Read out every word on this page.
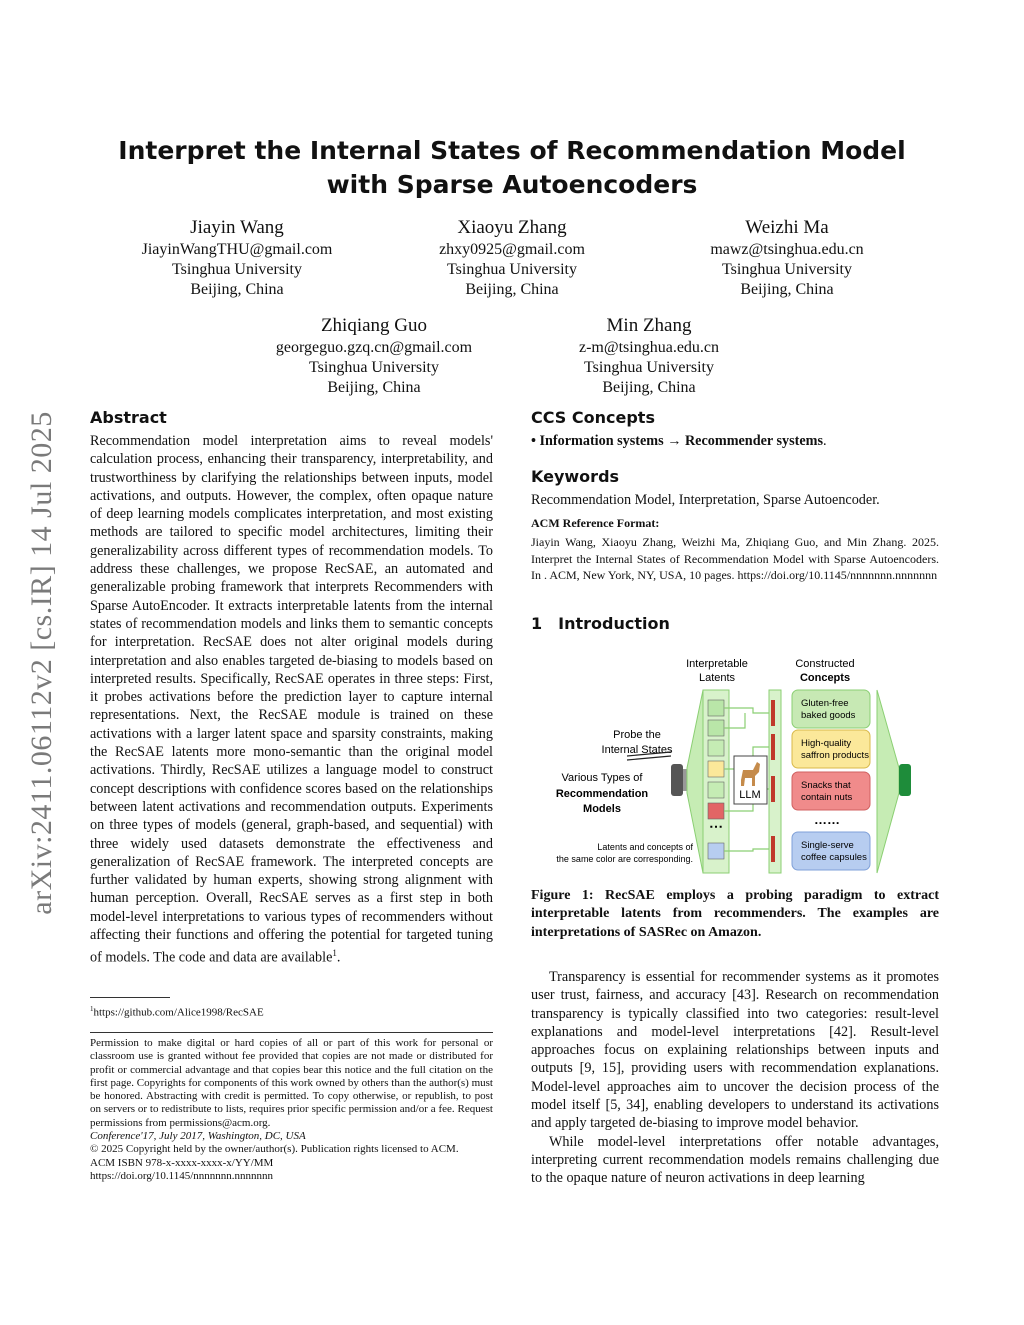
arXiv:2411.06112v2 [cs.IR] 14 Jul 2025
Interpret the Internal States of Recommendation Model with Sparse Autoencoders
Jiayin Wang
JiayinWangTHU@gmail.com
Tsinghua University
Beijing, China
Xiaoyu Zhang
zhxy0925@gmail.com
Tsinghua University
Beijing, China
Weizhi Ma
mawz@tsinghua.edu.cn
Tsinghua University
Beijing, China
Zhiqiang Guo
georgeguo.gzq.cn@gmail.com
Tsinghua University
Beijing, China
Min Zhang
z-m@tsinghua.edu.cn
Tsinghua University
Beijing, China
Abstract
Recommendation model interpretation aims to reveal models' calculation process, enhancing their transparency, interpretability, and trustworthiness by clarifying the relationships between inputs, model activations, and outputs. However, the complex, often opaque nature of deep learning models complicates interpretation, and most existing methods are tailored to specific model architectures, limiting their generalizability across different types of recommendation models. To address these challenges, we propose RecSAE, an automated and generalizable probing framework that interprets Recommenders with Sparse AutoEncoder. It extracts interpretable latents from the internal states of recommendation models and links them to semantic concepts for interpretation. RecSAE does not alter original models during interpretation and also enables targeted de-biasing to models based on interpreted results. Specifically, RecSAE operates in three steps: First, it probes activations before the prediction layer to capture internal representations. Next, the RecSAE module is trained on these activations with a larger latent space and sparsity constraints, making the RecSAE latents more mono-semantic than the original model activations. Thirdly, RecSAE utilizes a language model to construct concept descriptions with confidence scores based on the relationships between latent activations and recommendation outputs. Experiments on three types of models (general, graph-based, and sequential) with three widely used datasets demonstrate the effectiveness and generalization of RecSAE framework. The interpreted concepts are further validated by human experts, showing strong alignment with human perception. Overall, RecSAE serves as a first step in both model-level interpretations to various types of recommenders without affecting their functions and offering the potential for targeted tuning of models. The code and data are available$^1$.
$^1$https://github.com/Alice1998/RecSAE
Permission to make digital or hard copies of all or part of this work for personal or classroom use is granted without fee provided that copies are not made or distributed for profit or commercial advantage and that copies bear this notice and the full citation on the first page. Copyrights for components of this work owned by others than the author(s) must be honored. Abstracting with credit is permitted. To copy otherwise, or republish, to post on servers or to redistribute to lists, requires prior specific permission and/or a fee. Request permissions from permissions@acm.org.
Conference'17, July 2017, Washington, DC, USA
© 2025 Copyright held by the owner/author(s). Publication rights licensed to ACM.
ACM ISBN 978-x-xxxx-xxxx-x/YY/MM
https://doi.org/10.1145/nnnnnnn.nnnnnnn
CCS Concepts
• Information systems → Recommender systems.
Keywords
Recommendation Model, Interpretation, Sparse Autoencoder.
ACM Reference Format:
Jiayin Wang, Xiaoyu Zhang, Weizhi Ma, Zhiqiang Guo, and Min Zhang. 2025. Interpret the Internal States of Recommendation Model with Sparse Autoencoders. In . ACM, New York, NY, USA, 10 pages. https://doi.org/10.1145/nnnnnnn.nnnnnnn
1 Introduction
Interpretable
Latents
Constructed
Concepts
Probe the
Internal States
Various Types of
Recommendation
Models
Latents and concepts of
the same color are corresponding.
⋯
LLM
Gluten-free
baked goods
High-quality
saffron products
Snacks that
contain nuts
……
Single-serve
coffee capsules
Figure 1: RecSAE employs a probing paradigm to extract interpretable latents from recommenders. The examples are interpretations of SASRec on Amazon.
Transparency is essential for recommender systems as it promotes user trust, fairness, and accuracy [43]. Research on recommendation transparency is typically classified into two categories: result-level explanations and model-level interpretations [42]. Result-level approaches focus on explaining relationships between inputs and outputs [9, 15], providing users with recommendation explanations. Model-level approaches aim to uncover the decision process of the model itself [5, 34], enabling developers to understand its activations and apply targeted de-biasing to improve model behavior.
While model-level interpretations offer notable advantages, interpreting current recommendation models remains challenging due to the opaque nature of neuron activations in deep learning
